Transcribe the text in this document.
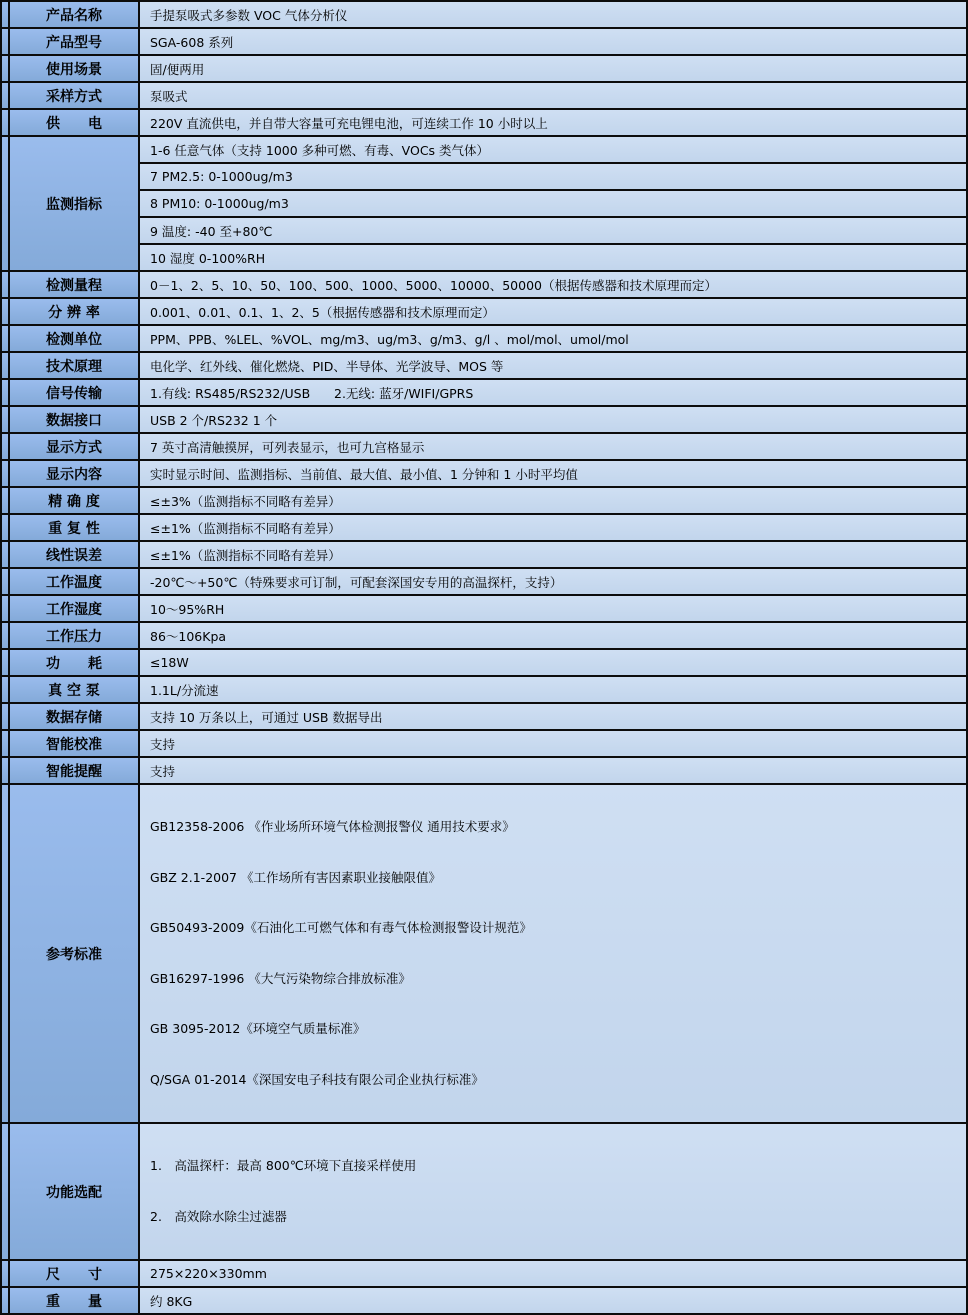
	产品名称	手提泵吸式多参数 VOC 气体分析仪
	产品型号	SGA-608 系列
	使用场景	固/便两用
	采样方式	泵吸式
	供　　电	220V 直流供电，并自带大容量可充电锂电池，可连续工作 10 小时以上
	监测指标	1-6 任意气体（支持 1000 多种可燃、有毒、VOCs 类气体）
		7 PM2.5: 0-1000ug/m3
		8 PM10: 0-1000ug/m3
		9 温度: -40 至+80℃
		10 湿度 0-100%RH
	检测量程	0－1、2、5、10、50、100、500、1000、5000、10000、50000（根据传感器和技术原理而定）
	分 辨 率	0.001、0.01、0.1、1、2、5（根据传感器和技术原理而定）
	检测单位	PPM、PPB、%LEL、%VOL、mg/m3、ug/m3、g/m3、g/l 、mol/mol、umol/mol
	技术原理	电化学、红外线、催化燃烧、PID、半导体、光学波导、MOS 等
	信号传输	1.有线: RS485/RS232/USB      2.无线: 蓝牙/WIFI/GPRS
	数据接口	USB 2 个/RS232 1 个
	显示方式	7 英寸高清触摸屏，可列表显示，也可九宫格显示
	显示内容	实时显示时间、监测指标、当前值、最大值、最小值、1 分钟和 1 小时平均值
	精 确 度	≤±3%（监测指标不同略有差异）
	重 复 性	≤±1%（监测指标不同略有差异）
	线性误差	≤±1%（监测指标不同略有差异）
	工作温度	-20℃～+50℃（特殊要求可订制，可配套深国安专用的高温探杆，支持）
	工作湿度	10～95%RH
	工作压力	86～106Kpa
	功　　耗	≤18W
	真 空 泵	1.1L/分流速
	数据存储	支持 10 万条以上，可通过 USB 数据导出
	智能校准	支持
	智能提醒	支持
	参考标准	

GB12358-2006 《作业场所环境气体检测报警仪 通用技术要求》

GBZ 2.1-2007 《工作场所有害因素职业接触限值》

GB50493-2009《石油化工可燃气体和有毒气体检测报警设计规范》

GB16297-1996 《大气污染物综合排放标准》

GB 3095-2012《环境空气质量标准》

Q/SGA 01-2014《深国安电子科技有限公司企业执行标准》

	功能选配	1.　高温探杆：最高 800℃环境下直接采样使用

2.　高效除水除尘过滤器

	尺　　寸	275×220×330mm
	重　　量	约 8KG
